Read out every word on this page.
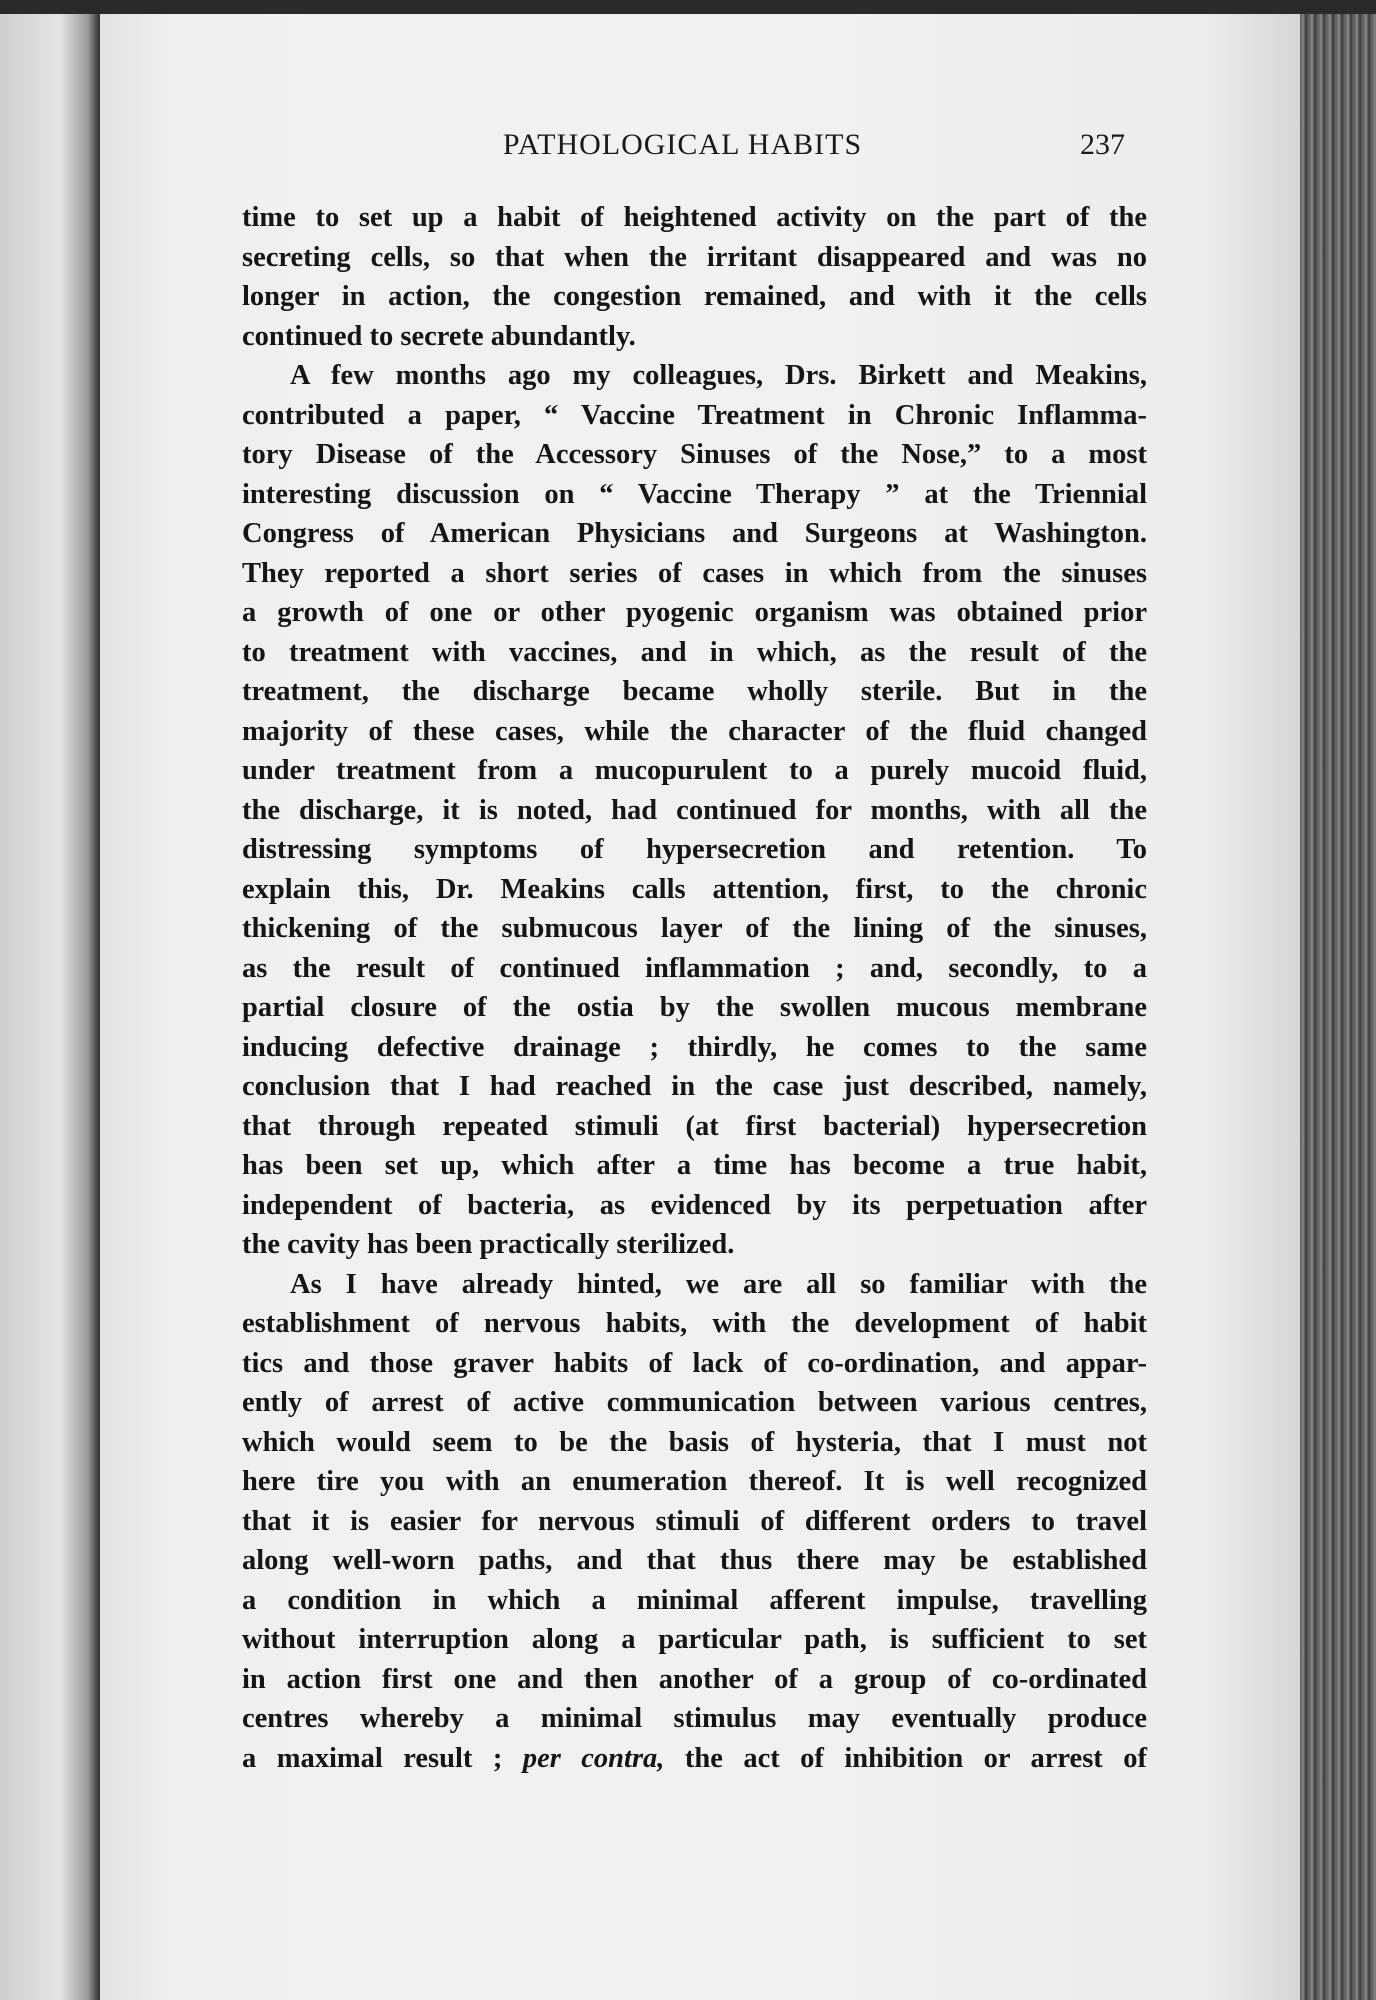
PATHOLOGICAL HABITS	237
time to set up a habit of heightened activity on the part of the
secreting cells, so that when the irritant disappeared and was no
longer in action, the congestion remained, and with it the cells
continued to secrete abundantly.
A few months ago my colleagues, Drs. Birkett and Meakins,
contributed a paper, “ Vaccine Treatment in Chronic Inflamma-
tory Disease of the Accessory Sinuses of the Nose,” to a most
interesting discussion on “ Vaccine Therapy ” at the Triennial
Congress of American Physicians and Surgeons at Washington.
They reported a short series of cases in which from the sinuses
a growth of one or other pyogenic organism was obtained prior
to treatment with vaccines, and in which, as the result of the
treatment, the discharge became wholly sterile. But in the
majority of these cases, while the character of the fluid changed
under treatment from a mucopurulent to a purely mucoid fluid,
the discharge, it is noted, had continued for months, with all the
distressing symptoms of hypersecretion and retention. To
explain this, Dr. Meakins calls attention, first, to the chronic
thickening of the submucous layer of the lining of the sinuses,
as the result of continued inflammation ; and, secondly, to a
partial closure of the ostia by the swollen mucous membrane
inducing defective drainage ; thirdly, he comes to the same
conclusion that I had reached in the case just described, namely,
that through repeated stimuli (at first bacterial) hypersecretion
has been set up, which after a time has become a true habit,
independent of bacteria, as evidenced by its perpetuation after
the cavity has been practically sterilized.
As I have already hinted, we are all so familiar with the
establishment of nervous habits, with the development of habit
tics and those graver habits of lack of co-ordination, and appar-
ently of arrest of active communication between various centres,
which would seem to be the basis of hysteria, that I must not
here tire you with an enumeration thereof. It is well recognized
that it is easier for nervous stimuli of different orders to travel
along well-worn paths, and that thus there may be established
a condition in which a minimal afferent impulse, travelling
without interruption along a particular path, is sufficient to set
in action first one and then another of a group of co-ordinated
centres whereby a minimal stimulus may eventually produce
a maximal result ; per contra, the act of inhibition or arrest of
